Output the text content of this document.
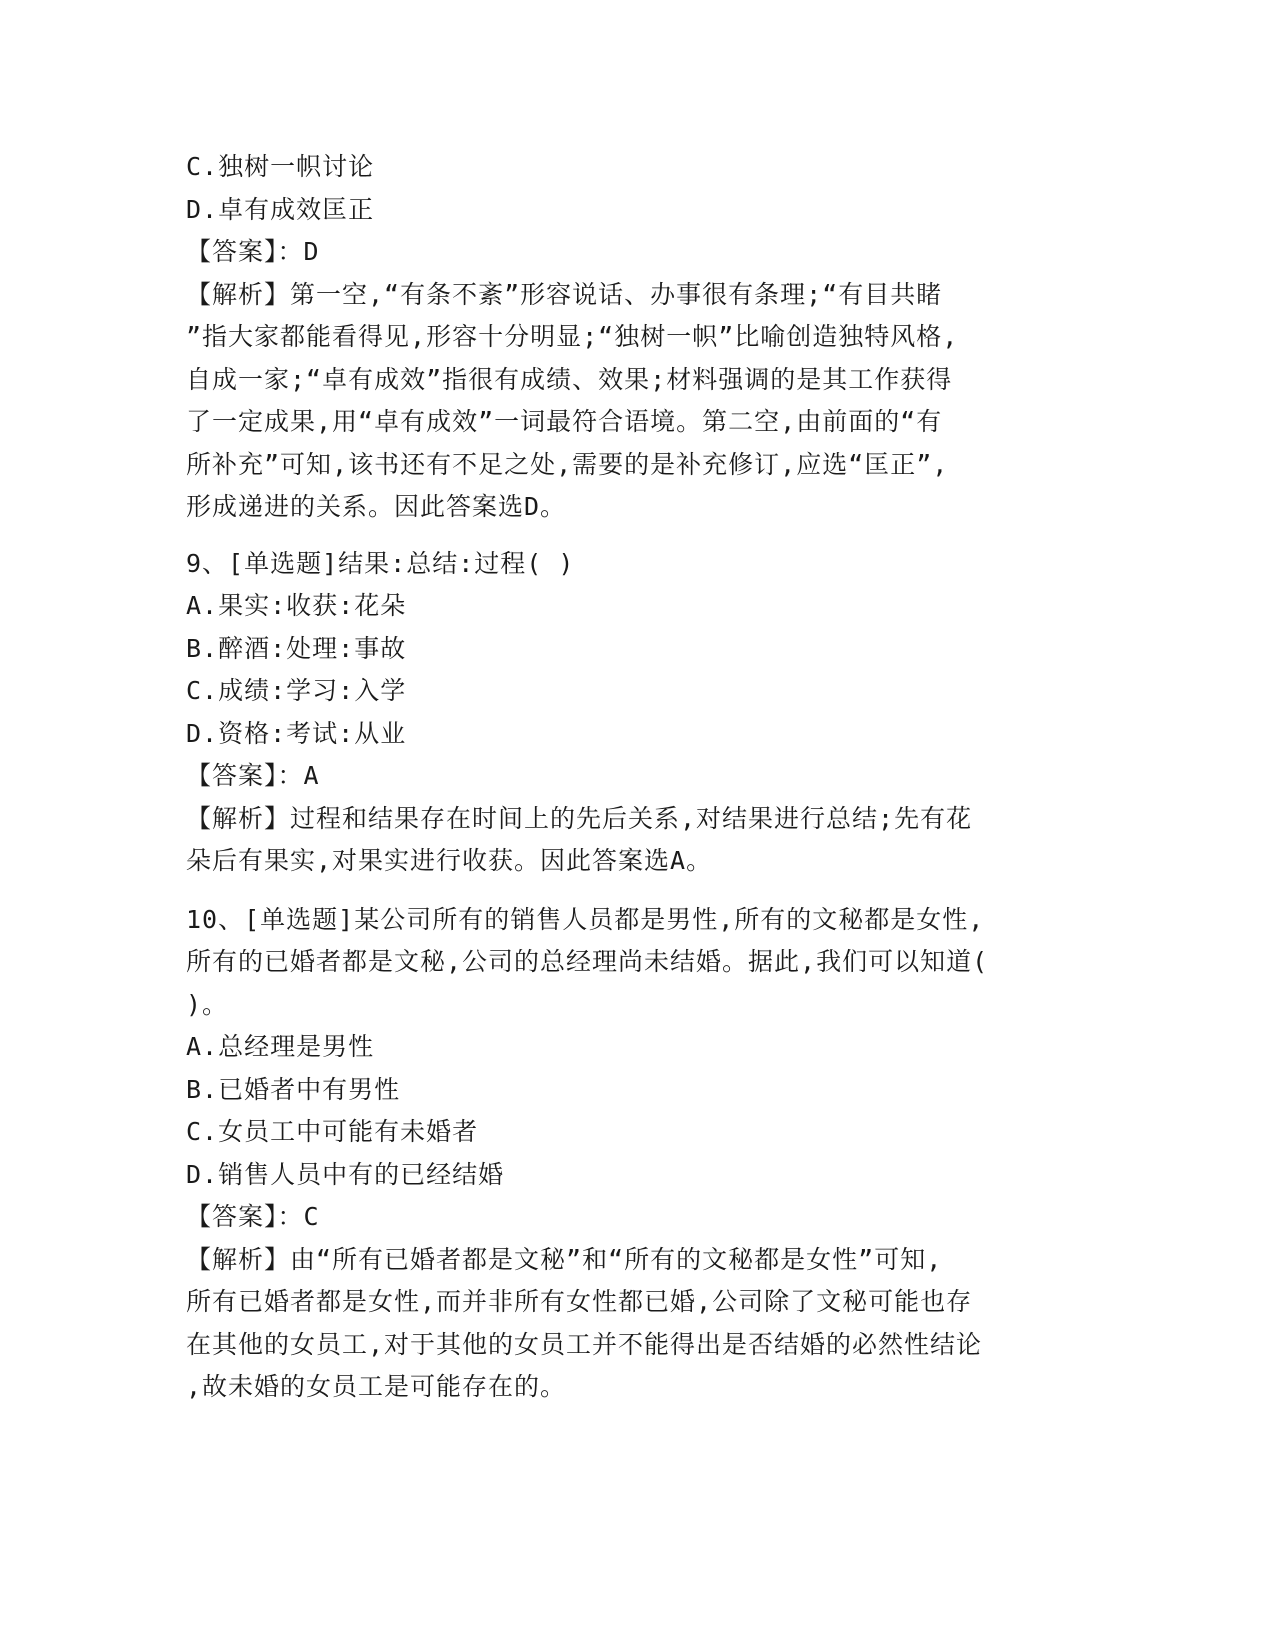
C.独树一帜讨论
D.卓有成效匡正
【答案】：D
【解析】第一空,“有条不紊”形容说话、办事很有条理;“有目共睹
”指大家都能看得见,形容十分明显;“独树一帜”比喻创造独特风格,
自成一家;“卓有成效”指很有成绩、效果;材料强调的是其工作获得
了一定成果,用“卓有成效”一词最符合语境。第二空,由前面的“有
所补充”可知,该书还有不足之处,需要的是补充修订,应选“匡正”,
形成递进的关系。因此答案选D。
9、[单选题]结果:总结:过程( )
A.果实:收获:花朵
B.醉酒:处理:事故
C.成绩:学习:入学
D.资格:考试:从业
【答案】：A
【解析】过程和结果存在时间上的先后关系,对结果进行总结;先有花
朵后有果实,对果实进行收获。因此答案选A。
10、[单选题]某公司所有的销售人员都是男性,所有的文秘都是女性,
所有的已婚者都是文秘,公司的总经理尚未结婚。据此,我们可以知道(
)。
A.总经理是男性
B.已婚者中有男性
C.女员工中可能有未婚者
D.销售人员中有的已经结婚
【答案】：C
【解析】由“所有已婚者都是文秘”和“所有的文秘都是女性”可知,
所有已婚者都是女性,而并非所有女性都已婚,公司除了文秘可能也存
在其他的女员工,对于其他的女员工并不能得出是否结婚的必然性结论
,故未婚的女员工是可能存在的。
